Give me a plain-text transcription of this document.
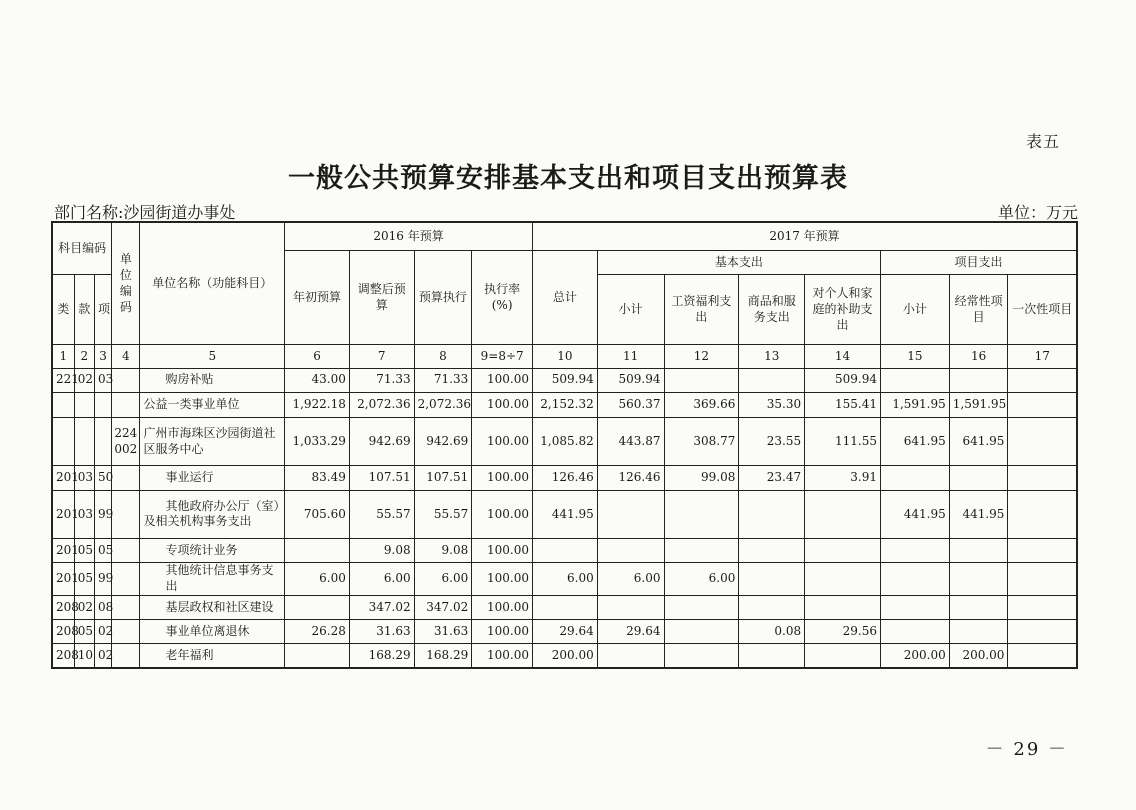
表五
一般公共预算安排基本支出和项目支出预算表
部门名称:沙园街道办事处	单位：万元
科目编码			单位编码	单位名称（功能科目）	2016 年预算				2017 年预算							
					年初预算	调整后预算	预算执行	执行率(%)	总计	基本支出				项目支出		
类	款	项								小计	工资福利支出	商品和服务支出	对个人和家庭的补助支出	小计	经常性项目	一次性项目
1	2	3	4	5	6	7	8	9=8÷7	10	11	12	13	14	15	16	17
221	02	03		购房补贴	43.00	71.33	71.33	100.00	509.94	509.94			509.94			
				公益一类事业单位	1,922.18	2,072.36	2,072.36	100.00	2,152.32	560.37	369.66	35.30	155.41	1,591.95	1,591.95	
			224002	广州市海珠区沙园街道社区服务中心	1,033.29	942.69	942.69	100.00	1,085.82	443.87	308.77	23.55	111.55	641.95	641.95	
201	03	50		事业运行	83.49	107.51	107.51	100.00	126.46	126.46	99.08	23.47	3.91			
201	03	99		其他政府办公厅（室）及相关机构事务支出	705.60	55.57	55.57	100.00	441.95					441.95	441.95	
201	05	05		专项统计业务		9.08	9.08	100.00								
201	05	99		其他统计信息事务支出	6.00	6.00	6.00	100.00	6.00	6.00	6.00					
208	02	08		基层政权和社区建设		347.02	347.02	100.00								
208	05	02		事业单位离退休	26.28	31.63	31.63	100.00	29.64	29.64		0.08	29.56			
208	10	02		老年福利		168.29	168.29	100.00	200.00					200.00	200.00	
－ 29 －
